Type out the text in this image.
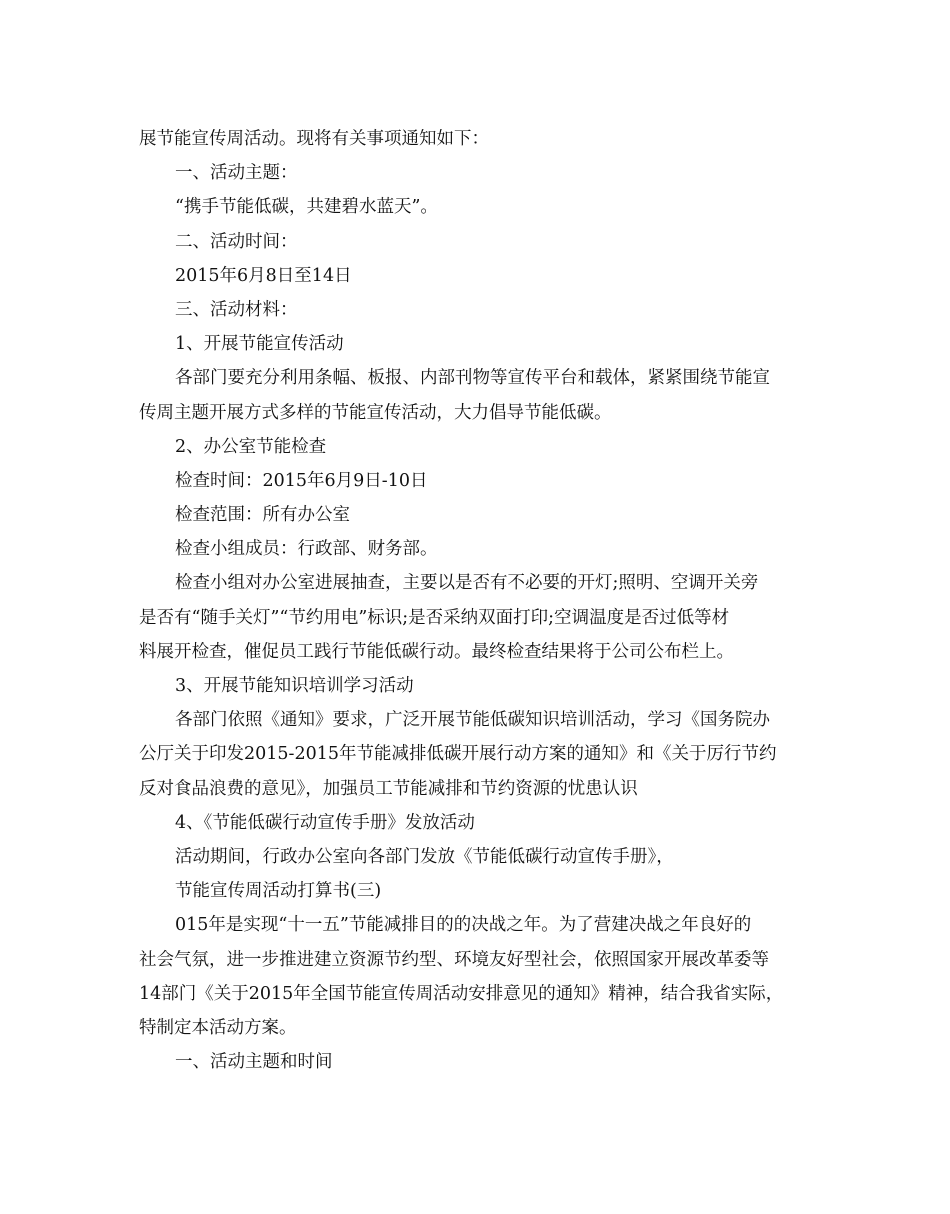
展节能宣传周活动。现将有关事项通知如下：

一、活动主题：

“携手节能低碳，共建碧水蓝天”。

二、活动时间：

2015年6月8日至14日

三、活动材料：

1、开展节能宣传活动

各部门要充分利用条幅、板报、内部刊物等宣传平台和载体，紧紧围绕节能宣

传周主题开展方式多样的节能宣传活动，大力倡导节能低碳。

2、办公室节能检查

检查时间：2015年6月9日-10日

检查范围：所有办公室

检查小组成员：行政部、财务部。

检查小组对办公室进展抽查，主要以是否有不必要的开灯;照明、空调开关旁

是否有“随手关灯”“节约用电”标识;是否采纳双面打印;空调温度是否过低等材

料展开检查，催促员工践行节能低碳行动。最终检查结果将于公司公布栏上。

3、开展节能知识培训学习活动

各部门依照《通知》要求，广泛开展节能低碳知识培训活动，学习《国务院办

公厅关于印发2015-2015年节能减排低碳开展行动方案的通知》和《关于厉行节约

反对食品浪费的意见》，加强员工节能减排和节约资源的忧患认识

4、《节能低碳行动宣传手册》发放活动

活动期间，行政办公室向各部门发放《节能低碳行动宣传手册》，

节能宣传周活动打算书(三)

015年是实现“十一五”节能减排目的的决战之年。为了营建决战之年良好的

社会气氛，进一步推进建立资源节约型、环境友好型社会，依照国家开展改革委等

14部门《关于2015年全国节能宣传周活动安排意见的通知》精神，结合我省实际，

特制定本活动方案。

一、活动主题和时间
